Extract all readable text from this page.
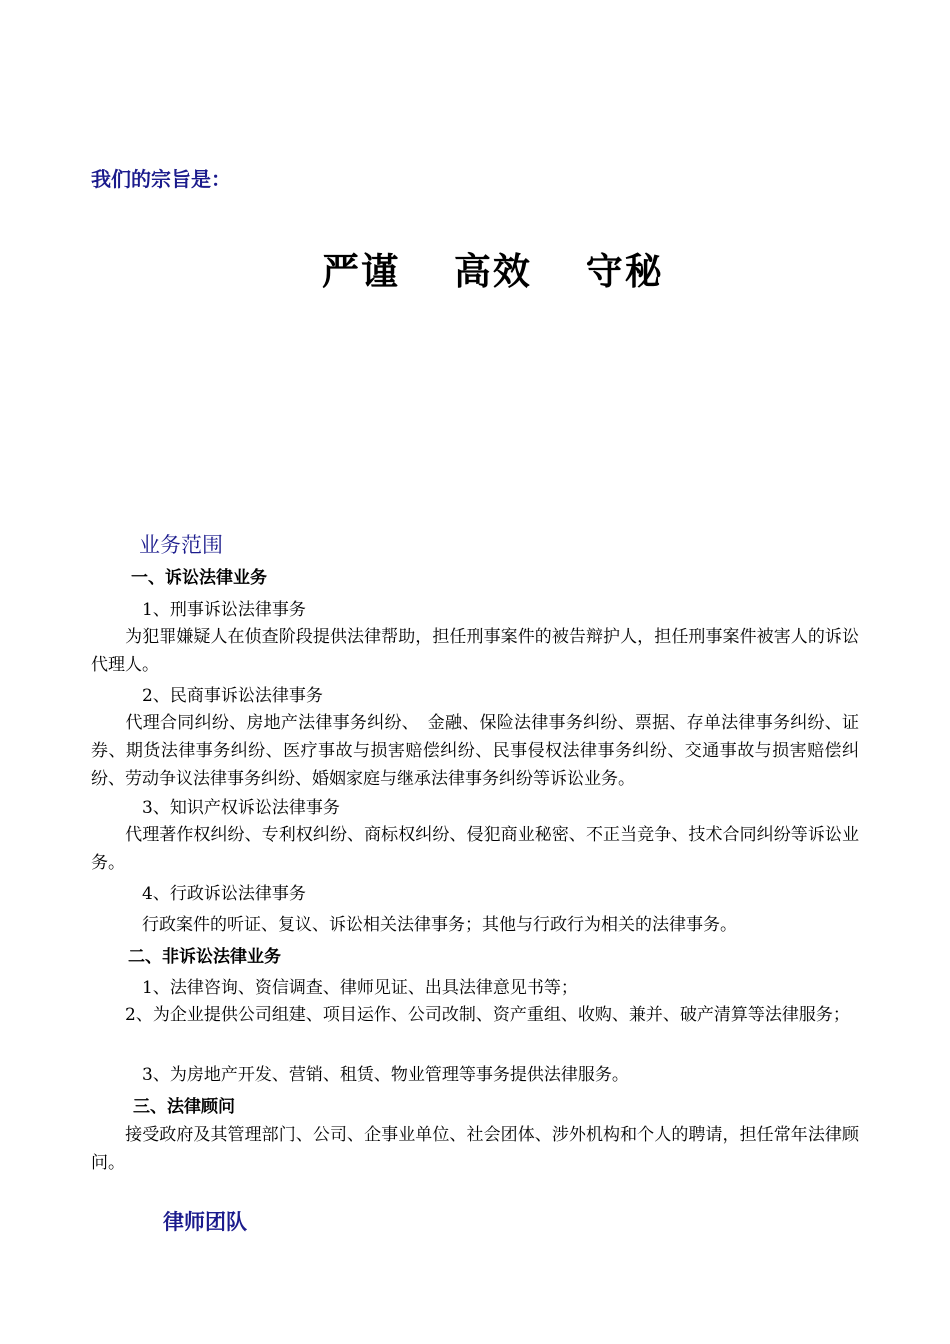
我们的宗旨是：
严谨　 高效　 守秘
业务范围
一、诉讼法律业务
1、刑事诉讼法律事务
　　为犯罪嫌疑人在侦查阶段提供法律帮助，担任刑事案件的被告辩护人，担任刑事案件被害人的诉讼代理人。
2、民商事诉讼法律事务
　　代理合同纠纷、房地产法律事务纠纷、　金融、保险法律事务纠纷、票据、存单法律事务纠纷、证券、期货法律事务纠纷、医疗事故与损害赔偿纠纷、民事侵权法律事务纠纷、交通事故与损害赔偿纠纷、劳动争议法律事务纠纷、婚姻家庭与继承法律事务纠纷等诉讼业务。
3、知识产权诉讼法律事务
　　代理著作权纠纷、专利权纠纷、商标权纠纷、侵犯商业秘密、不正当竞争、技术合同纠纷等诉讼业务。
4、行政诉讼法律事务
行政案件的听证、复议、诉讼相关法律事务；其他与行政行为相关的法律事务。
二、非诉讼法律业务
1、法律咨询、资信调查、律师见证、出具法律意见书等；
　　2、为企业提供公司组建、项目运作、公司改制、资产重组、收购、兼并、破产清算等法律服务；
3、为房地产开发、营销、租赁、物业管理等事务提供法律服务。
三、法律顾问
　　接受政府及其管理部门、公司、企事业单位、社会团体、涉外机构和个人的聘请，担任常年法律顾问。
律师团队
